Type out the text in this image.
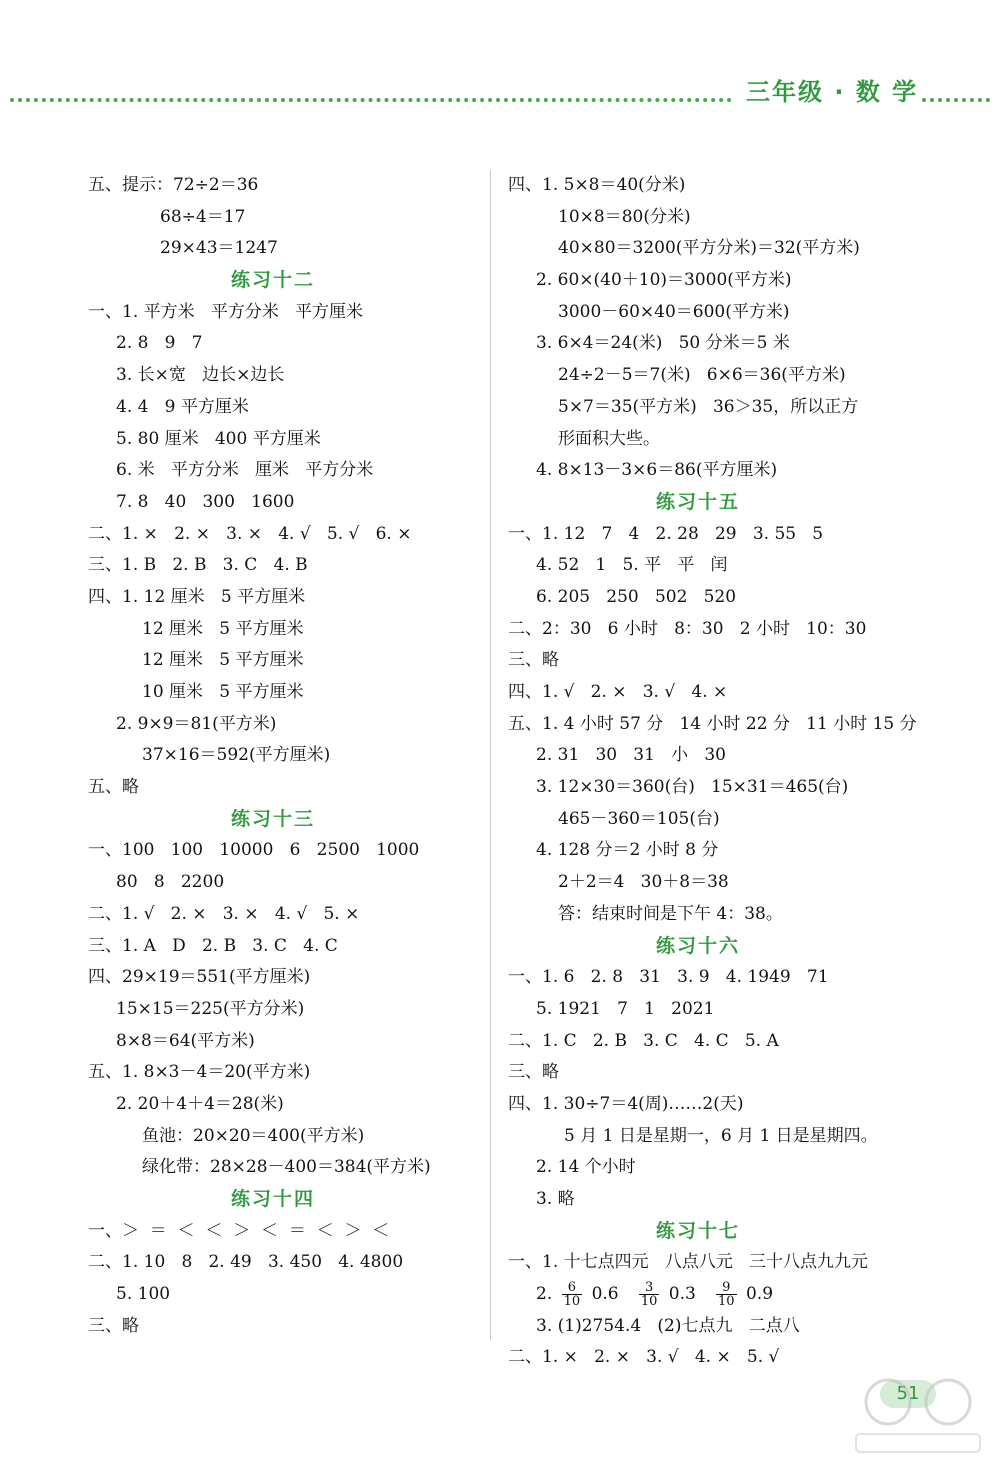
三年级 · 数 学
五、提示：72÷2＝36
68÷4＝17
29×43＝1247
练习十二
一、1. 平方米   平方分米   平方厘米
2. 8   9   7
3. 长×宽   边长×边长
4. 4   9 平方厘米
5. 80 厘米   400 平方厘米
6. 米   平方分米   厘米   平方分米
7. 8   40   300   1600
二、1. ×   2. ×   3. ×   4. √   5. √   6. ×
三、1. B   2. B   3. C   4. B
四、1. 12 厘米   5 平方厘米
12 厘米   5 平方厘米
12 厘米   5 平方厘米
10 厘米   5 平方厘米
2. 9×9＝81(平方米)
37×16＝592(平方厘米)
五、略
练习十三
一、100   100   10000   6   2500   1000
80   8   2200
二、1. √   2. ×   3. ×   4. √   5. ×
三、1. A   D   2. B   3. C   4. C
四、29×19＝551(平方厘米)
15×15＝225(平方分米)
8×8＝64(平方米)
五、1. 8×3－4＝20(平方米)
2. 20＋4＋4＝28(米)
鱼池：20×20＝400(平方米)
绿化带：28×28－400＝384(平方米)
练习十四
一、＞  ＝  ＜  ＜  ＞  ＜  ＝  ＜  ＞  ＜
二、1. 10   8   2. 49   3. 450   4. 4800
5. 100
三、略
四、1. 5×8＝40(分米)
10×8＝80(分米)
40×80＝3200(平方分米)＝32(平方米)
2. 60×(40＋10)＝3000(平方米)
3000－60×40＝600(平方米)
3. 6×4＝24(米)   50 分米＝5 米
24÷2－5＝7(米)   6×6＝36(平方米)
5×7＝35(平方米)   36＞35，所以正方
形面积大些。
4. 8×13－3×6＝86(平方厘米)
练习十五
一、1. 12   7   4   2. 28   29   3. 55   5
4. 52   1   5. 平   平   闰
6. 205   250   502   520
二、2：30   6 小时   8：30   2 小时   10：30
三、略
四、1. √   2. ×   3. √   4. ×
五、1. 4 小时 57 分   14 小时 22 分   11 小时 15 分
2. 31   30   31   小   30
3. 12×30＝360(台)   15×31＝465(台)
465－360＝105(台)
4. 128 分＝2 小时 8 分
2＋2＝4   30＋8＝38
答：结束时间是下午 4：38。
练习十六
一、1. 6   2. 8   31   3. 9   4. 1949   71
5. 1921   7   1   2021
二、1. C   2. B   3. C   4. C   5. A
三、略
四、1. 30÷7＝4(周)……2(天)
5 月 1 日是星期一，6 月 1 日是星期四。
2. 14 个小时
3. 略
练习十七
一、1. 十七点四元   八点八元   三十八点九九元
2. $\frac{6}{10} 0.6 \frac{3}{10} 0.3 \frac{9}{10} 0.9$
3. (1)2754.4   (2)七点九   二点八
二、1. ×   2. ×   3. √   4. ×   5. √
51
